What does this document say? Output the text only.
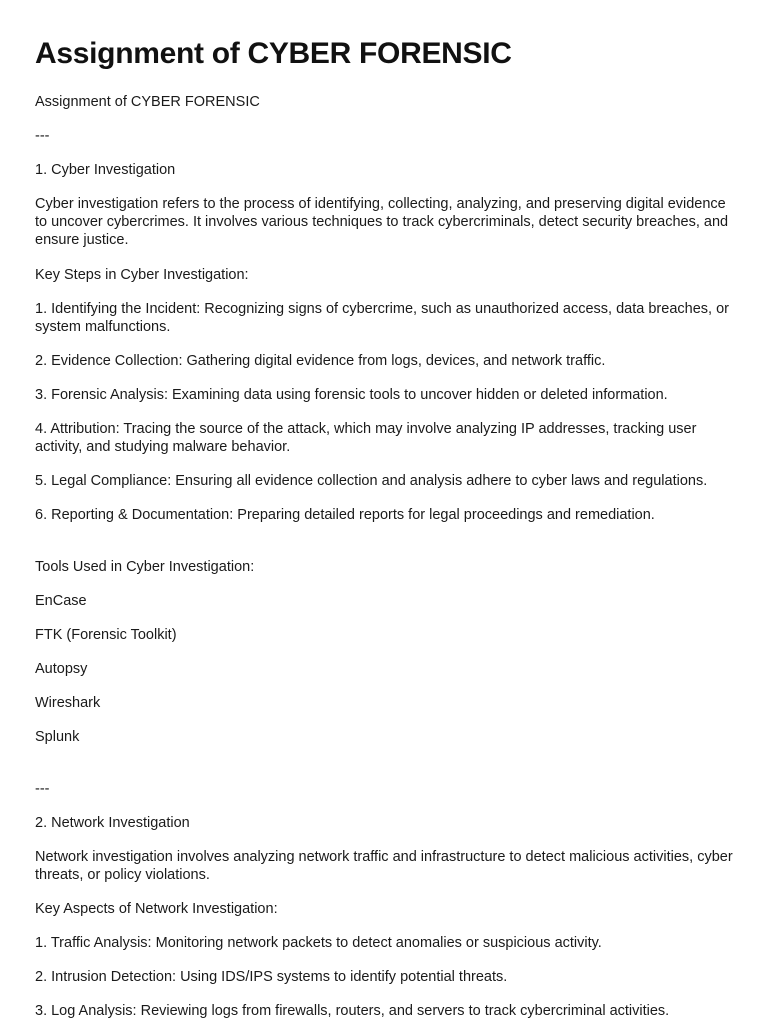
Assignment of CYBER FORENSIC

Assignment of CYBER FORENSIC

---

1. Cyber Investigation

Cyber investigation refers to the process of identifying, collecting, analyzing, and preserving digital evidence to uncover cybercrimes. It involves various techniques to track cybercriminals, detect security breaches, and ensure justice.

Key Steps in Cyber Investigation:

1. Identifying the Incident: Recognizing signs of cybercrime, such as unauthorized access, data breaches, or system malfunctions.

2. Evidence Collection: Gathering digital evidence from logs, devices, and network traffic.

3. Forensic Analysis: Examining data using forensic tools to uncover hidden or deleted information.

4. Attribution: Tracing the source of the attack, which may involve analyzing IP addresses, tracking user activity, and studying malware behavior.

5. Legal Compliance: Ensuring all evidence collection and analysis adhere to cyber laws and regulations.

6. Reporting & Documentation: Preparing detailed reports for legal proceedings and remediation.

Tools Used in Cyber Investigation:

EnCase

FTK (Forensic Toolkit)

Autopsy

Wireshark

Splunk

---

2. Network Investigation

Network investigation involves analyzing network traffic and infrastructure to detect malicious activities, cyber threats, or policy violations.

Key Aspects of Network Investigation:

1. Traffic Analysis: Monitoring network packets to detect anomalies or suspicious activity.

2. Intrusion Detection: Using IDS/IPS systems to identify potential threats.

3. Log Analysis: Reviewing logs from firewalls, routers, and servers to track cybercriminal activities.
